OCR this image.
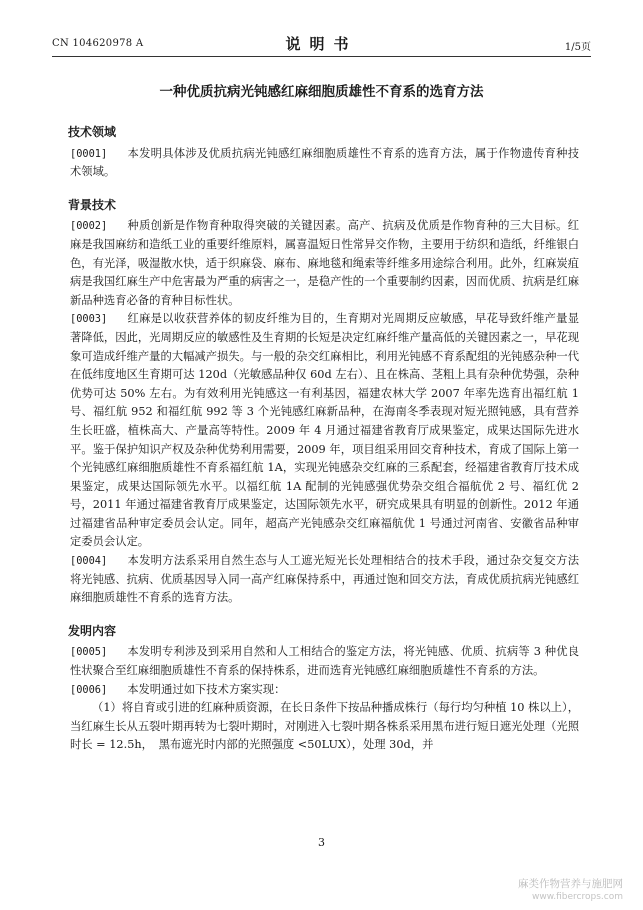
CN 104620978 A	说明书	1/5页
一种优质抗病光钝感红麻细胞质雄性不育系的选育方法
技术领域

[0001] 本发明具体涉及优质抗病光钝感红麻细胞质雄性不育系的选育方法，属于作物遗传育种技术领域。

背景技术

[0002] 种质创新是作物育种取得突破的关键因素。高产、抗病及优质是作物育种的三大目标。红麻是我国麻纺和造纸工业的重要纤维原料，属喜温短日性常异交作物，主要用于纺织和造纸，纤维银白色，有光泽，吸湿散水快，适于织麻袋、麻布、麻地毯和绳索等纤维多用途综合利用。此外，红麻炭疽病是我国红麻生产中危害最为严重的病害之一，是稳产性的一个重要制约因素，因而优质、抗病是红麻新品种选育必备的育种目标性状。

[0003] 红麻是以收获营养体的韧皮纤维为目的，生育期对光周期反应敏感，早花导致纤维产量显著降低，因此，光周期反应的敏感性及生育期的长短是决定红麻纤维产量高低的关键因素之一，早花现象可造成纤维产量的大幅减产损失。与一般的杂交红麻相比，利用光钝感不育系配组的光钝感杂种一代在低纬度地区生育期可达 120d（光敏感品种仅 60d 左右）、且在株高、茎粗上具有杂种优势强，杂种优势可达 50% 左右。为有效利用光钝感这一有利基因，福建农林大学 2007 年率先选育出福红航 1 号、福红航 952 和福红航 992 等 3 个光钝感红麻新品种，在海南冬季表现对短光照钝感，具有营养生长旺盛，植株高大、产量高等特性。2009 年 4 月通过福建省教育厅成果鉴定，成果达国际先进水平。鉴于保护知识产权及杂种优势利用需要，2009 年，项目组采用回交育种技术，育成了国际上第一个光钝感红麻细胞质雄性不育系福红航 1A，实现光钝感杂交红麻的三系配套，经福建省教育厅技术成果鉴定，成果达国际领先水平。以福红航 1A 配制的光钝感强优势杂交组合福航优 2 号、福红优 2 号，2011 年通过福建省教育厅成果鉴定，达国际领先水平，研究成果具有明显的创新性。2012 年通过福建省品种审定委员会认定。同年，超高产光钝感杂交红麻福航优 1 号通过河南省、安徽省品种审定委员会认定。

[0004] 本发明方法系采用自然生态与人工遮光短光长处理相结合的技术手段，通过杂交复交方法将光钝感、抗病、优质基因导入同一高产红麻保持系中，再通过饱和回交方法，育成优质抗病光钝感红麻细胞质雄性不育系的选育方法。

发明内容

[0005] 本发明专利涉及到采用自然和人工相结合的鉴定方法，将光钝感、优质、抗病等 3 种优良性状聚合至红麻细胞质雄性不育系的保持株系，进而选育光钝感红麻细胞质雄性不育系的方法。

[0006] 本发明通过如下技术方案实现：

（1）将自育或引进的红麻种质资源，在长日条件下按品种播成株行（每行均匀种植 10 株以上），当红麻生长从五裂叶期再转为七裂叶期时，对刚进入七裂叶期各株系采用黑布进行短日遮光处理（光照时长 = 12.5h，　黑布遮光时内部的光照强度 <50LUX），处理 30d，并

3
麻类作物营养与施肥网
www.fibercrops.com
